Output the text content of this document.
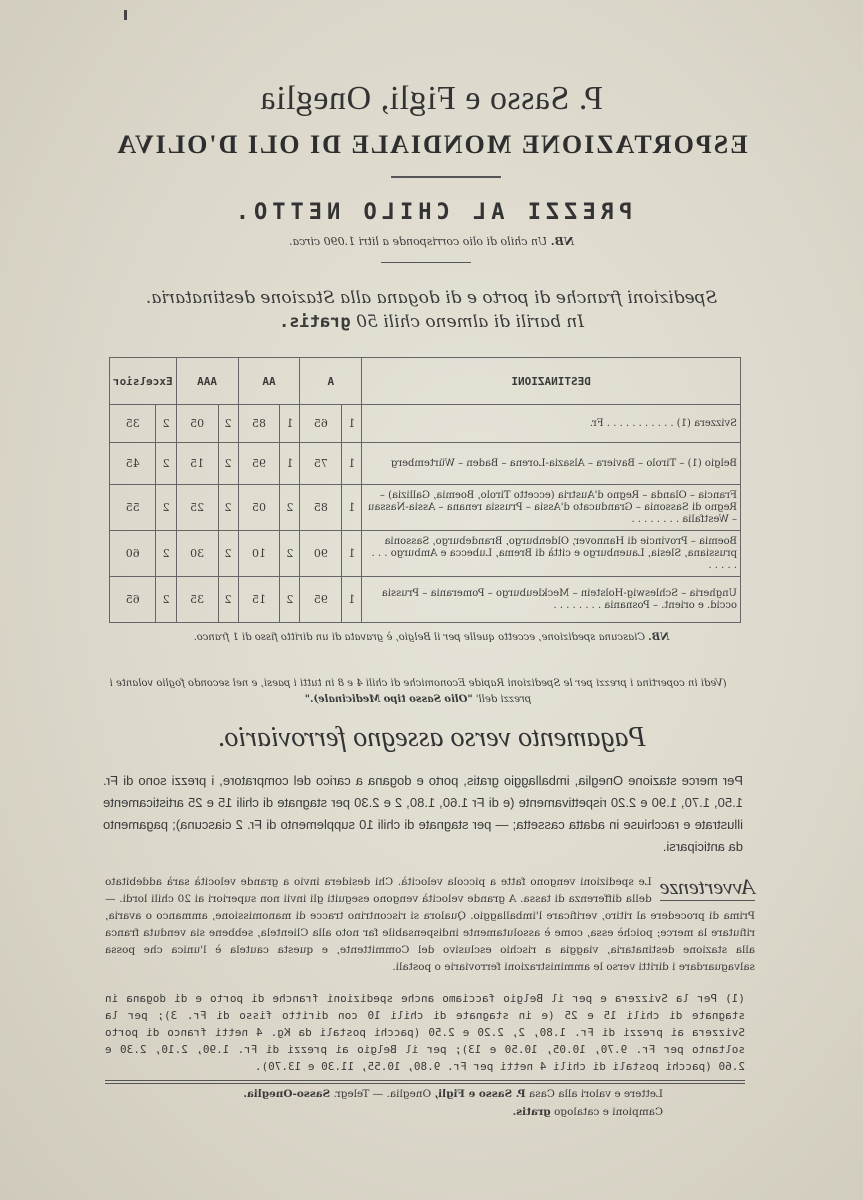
P. Sasso e Figli, Oneglia
ESPORTAZIONE MONDIALE DI OLI D'OLIVA
PREZZI AL CHILO NETTO.
NB. Un chilo di olio corrisponde a litri 1.090 circa.
Spedizioni franche di porto e di dogana alla Stazione destinataria.
In barili di almeno chili 50 gratis.
DESTINAZIONI	A		AA		AAA		Excelsior	
Svizzera (1) . . . . . . . . . . . Fr.	1	65	1	85	2	05	2	35
Belgio (1) – Tirolo – Baviera – Alsazia-Lorena – Baden – Würtemberg	1	75	1	95	2	15	2	45
Francia – Olanda – Regno d'Austria (eccetto Tirolo, Boemia, Gallizia) – Regno di Sassonia – Granducato d'Assia – Prussia renana – Assia-Nassau – Westfalia . . . . . . . .	1	85	2	05	2	25	2	55
Boemia – Provincie di Hannover, Oldenburgo, Brandeburgo, Sassonia prussiana, Slesia, Lauenburgo e città di Brema, Lubecca e Amburgo . . . . . . . .	1	90	2	10	2	30	2	60
Ungheria – Schleswig-Holstein – Meckleuburgo – Pomerania – Prussia occid. e orient. – Posnania . . . . . . . .	1	95	2	15	2	35	2	65
NB. Ciascuna spedizione, eccetto quelle per il Belgio, è gravata di un diritto fisso di 1 franco.
(Vedi in copertina i prezzi per le Spedizioni Rapide Economiche di chili 4 e 8 in tutti i paesi, e nel secondo foglio volante i prezzi dell' "Olio Sasso tipo Medicinale)."
Pagamento verso assegno ferroviario.
Per merce stazione Oneglia, imballaggio gratis, porto e dogana a carico del compratore, i prezzi sono di Fr. 1.50, 1.70, 1.90 e 2.20 rispettivamente (e di Fr 1.60, 1.80, 2 e 2.30 per stagnate di chili 15 e 25 artisticamente illustrate e racchiuse in adatta cassetta; — per stagnate di chili 10 supplemento di Fr. 2 ciascuna); pagamento da anticiparsi.
Avvertenze
Le spedizioni vengono fatte a piccola velocità. Chi desidera invio a grande velocità sarà addebitato della differenza di tassa. A grande velocità vengono eseguiti gli invii non superiori ai 20 chili lordi. — Prima di procedere al ritiro, verificare l'imballaggio. Qualora si riscontrino tracce di manomissione, ammanco o avaria, rifiutare la merce; poichè essa, come è assolutamente indispensabile far noto alla Clientela, sebbene sia venduta franca alla stazione destinataria, viaggia a rischio esclusivo del Committente, e questa cautela è l'unica che possa salvaguardare i diritti verso le amministrazioni ferroviarie o postali.
(1) Per la Svizzera e per il Belgio facciamo anche spedizioni franche di porto e di dogana in stagnate di chili 15 e 25 (e in stagnate di chili 10 con diritto fisso di Fr. 3); per la Svizzera ai prezzi di Fr. 1.80, 2, 2.20 e 2.50 (pacchi postali da Kg. 4 netti franco di porto soltanto per Fr. 9.70, 10.05, 10.50 e 13); per il Belgio ai prezzi di Fr. 1.90, 2.10, 2.30 e 2.60 (pacchi postali di chili 4 netti per Fr. 9.80, 10.55, 11.30 e 13.70).
Lettere e valori alla Casa P. Sasso e Figli, Oneglia. — Telegr. Sasso-Oneglia.
Campioni e catalogo gratis.
